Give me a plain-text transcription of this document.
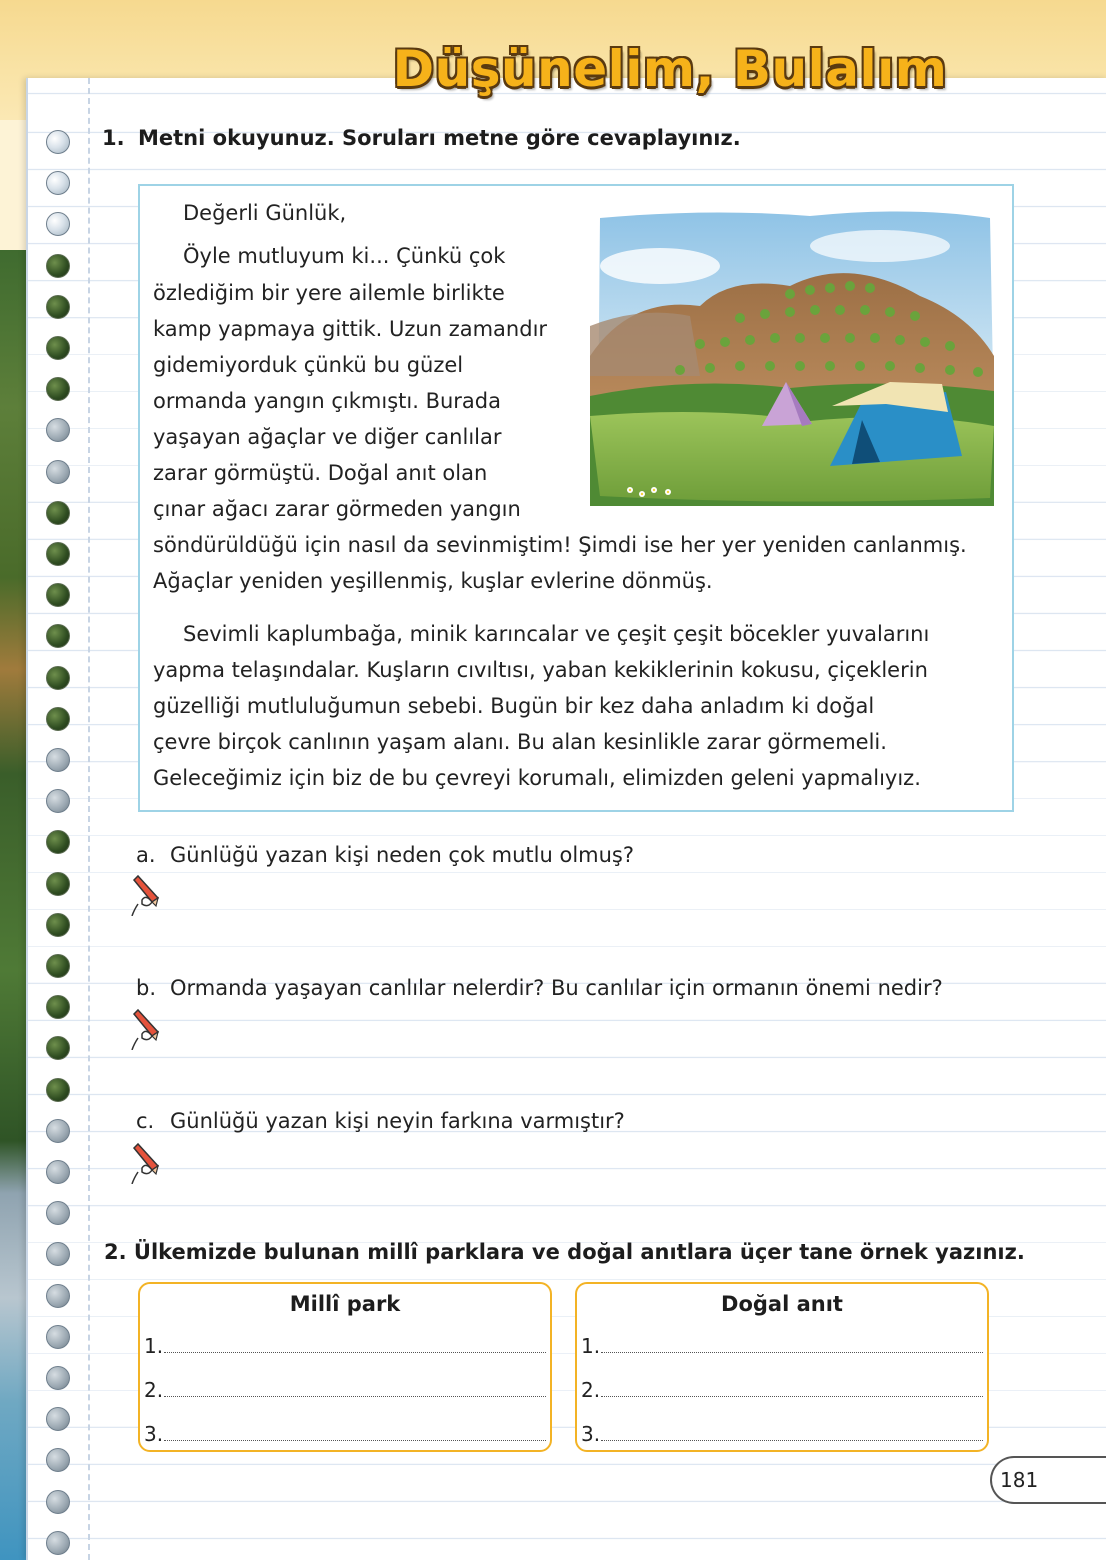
Düşünelim, Bulalım
1. Metni okuyunuz. Soruları metne göre cevaplayınız.
Değerli Günlük,
Öyle mutluyum ki... Çünkü çok
özlediğim bir yere ailemle birlikte
kamp yapmaya gittik. Uzun zamandır
gidemiyorduk çünkü bu güzel
ormanda yangın çıkmıştı. Burada
yaşayan ağaçlar ve diğer canlılar
zarar görmüştü. Doğal anıt olan
çınar ağacı zarar görmeden yangın
söndürüldüğü için nasıl da sevinmiştim! Şimdi ise her yer yeniden canlanmış.
Ağaçlar yeniden yeşillenmiş, kuşlar evlerine dönmüş.
Sevimli kaplumbağa, minik karıncalar ve çeşit çeşit böcekler yuvalarını
yapma telaşındalar. Kuşların cıvıltısı, yaban kekiklerinin kokusu, çiçeklerin
güzelliği mutluluğumun sebebi. Bugün bir kez daha anladım ki doğal
çevre birçok canlının yaşam alanı. Bu alan kesinlikle zarar görmemeli.
Geleceğimiz için biz de bu çevreyi korumalı, elimizden geleni yapmalıyız.
a. Günlüğü yazan kişi neden çok mutlu olmuş?
b. Ormanda yaşayan canlılar nelerdir? Bu canlılar için ormanın önemi nedir?
c. Günlüğü yazan kişi neyin farkına varmıştır?
2. Ülkemizde bulunan millî parklara ve doğal anıtlara üçer tane örnek yazınız.
Millî park
1.
2.
3.
Doğal anıt
1.
2.
3.
181
